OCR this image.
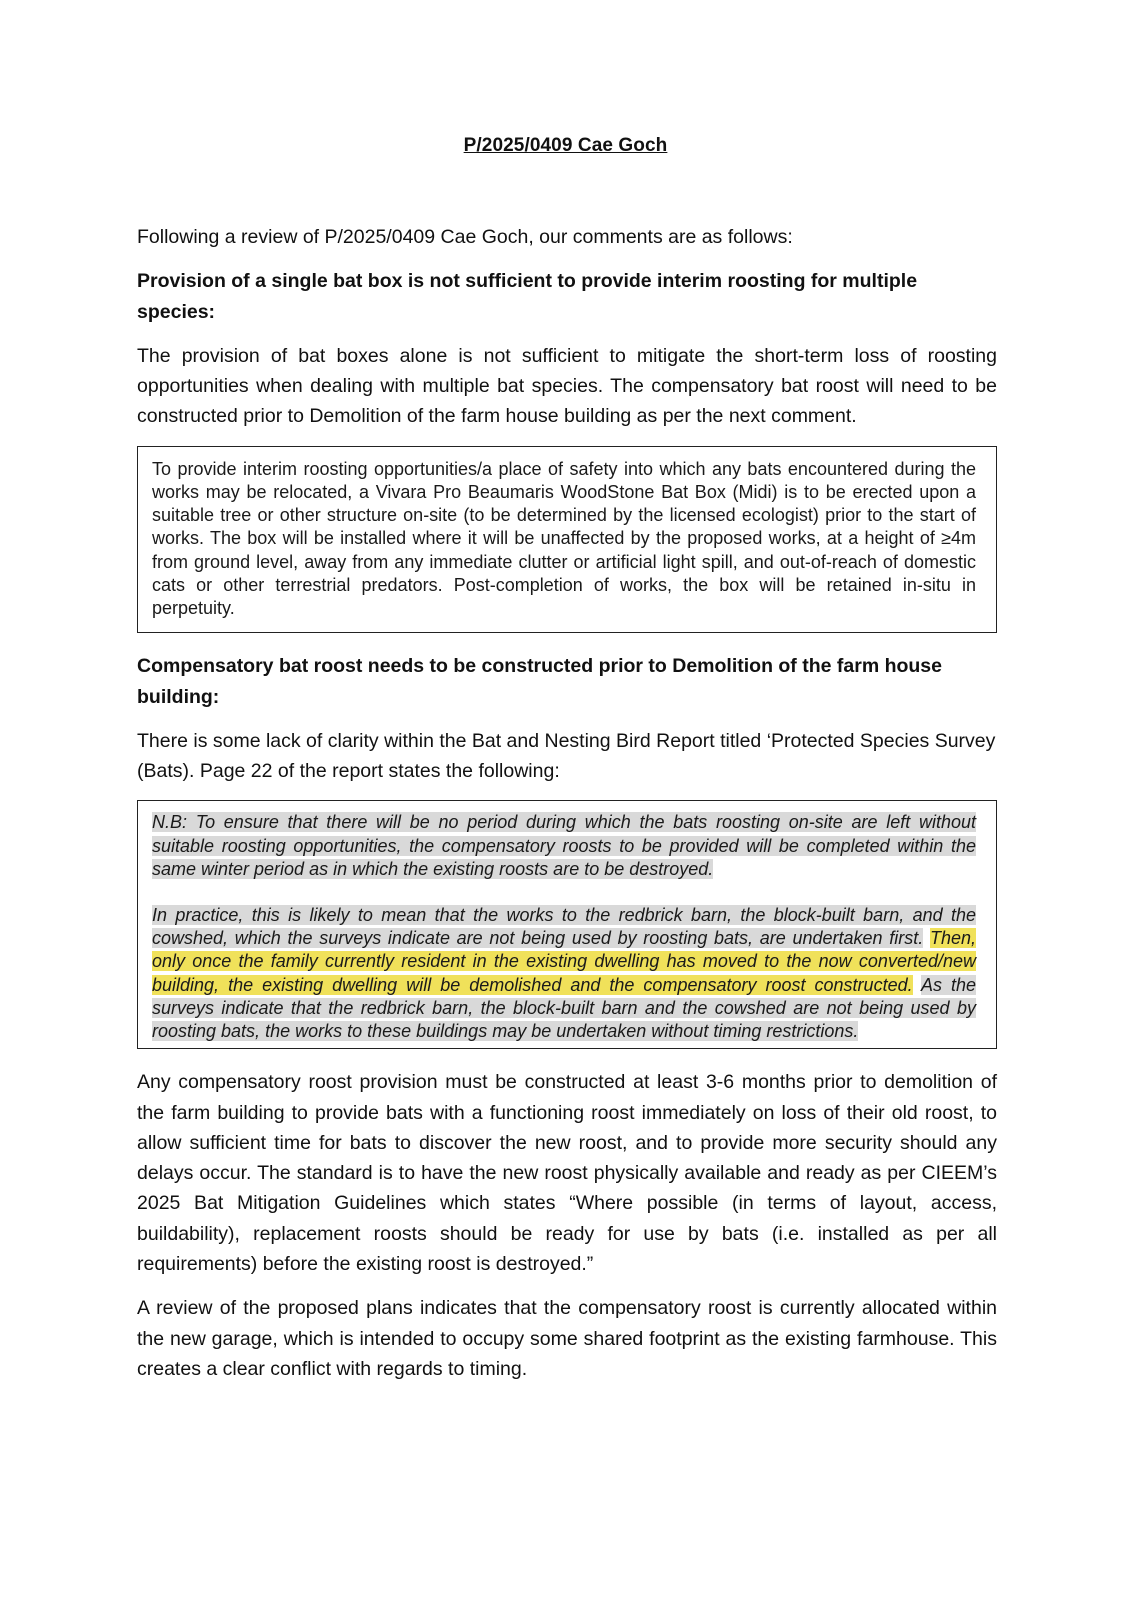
P/2025/0409 Cae Goch

Following a review of P/2025/0409 Cae Goch, our comments are as follows:

Provision of a single bat box is not sufficient to provide interim roosting for multiple species:

The provision of bat boxes alone is not sufficient to mitigate the short-term loss of roosting opportunities when dealing with multiple bat species. The compensatory bat roost will need to be constructed prior to Demolition of the farm house building as per the next comment.

To provide interim roosting opportunities/a place of safety into which any bats encountered during the works may be relocated, a Vivara Pro Beaumaris WoodStone Bat Box (Midi) is to be erected upon a suitable tree or other structure on-site (to be determined by the licensed ecologist) prior to the start of works. The box will be installed where it will be unaffected by the proposed works, at a height of ≥4m from ground level, away from any immediate clutter or artificial light spill, and out-of-reach of domestic cats or other terrestrial predators. Post-completion of works, the box will be retained in-situ in perpetuity.

Compensatory bat roost needs to be constructed prior to Demolition of the farm house building:

There is some lack of clarity within the Bat and Nesting Bird Report titled ‘Protected Species Survey (Bats). Page 22 of the report states the following:

N.B: To ensure that there will be no period during which the bats roosting on-site are left without suitable roosting opportunities, the compensatory roosts to be provided will be completed within the same winter period as in which the existing roosts are to be destroyed.

In practice, this is likely to mean that the works to the redbrick barn, the block-built barn, and the cowshed, which the surveys indicate are not being used by roosting bats, are undertaken first. Then, only once the family currently resident in the existing dwelling has moved to the now converted/new building, the existing dwelling will be demolished and the compensatory roost constructed. As the surveys indicate that the redbrick barn, the block-built barn and the cowshed are not being used by roosting bats, the works to these buildings may be undertaken without timing restrictions.

Any compensatory roost provision must be constructed at least 3-6 months prior to demolition of the farm building to provide bats with a functioning roost immediately on loss of their old roost, to allow sufficient time for bats to discover the new roost, and to provide more security should any delays occur. The standard is to have the new roost physically available and ready as per CIEEM’s 2025 Bat Mitigation Guidelines which states “Where possible (in terms of layout, access, buildability), replacement roosts should be ready for use by bats (i.e. installed as per all requirements) before the existing roost is destroyed.”

A review of the proposed plans indicates that the compensatory roost is currently allocated within the new garage, which is intended to occupy some shared footprint as the existing farmhouse. This creates a clear conflict with regards to timing.
